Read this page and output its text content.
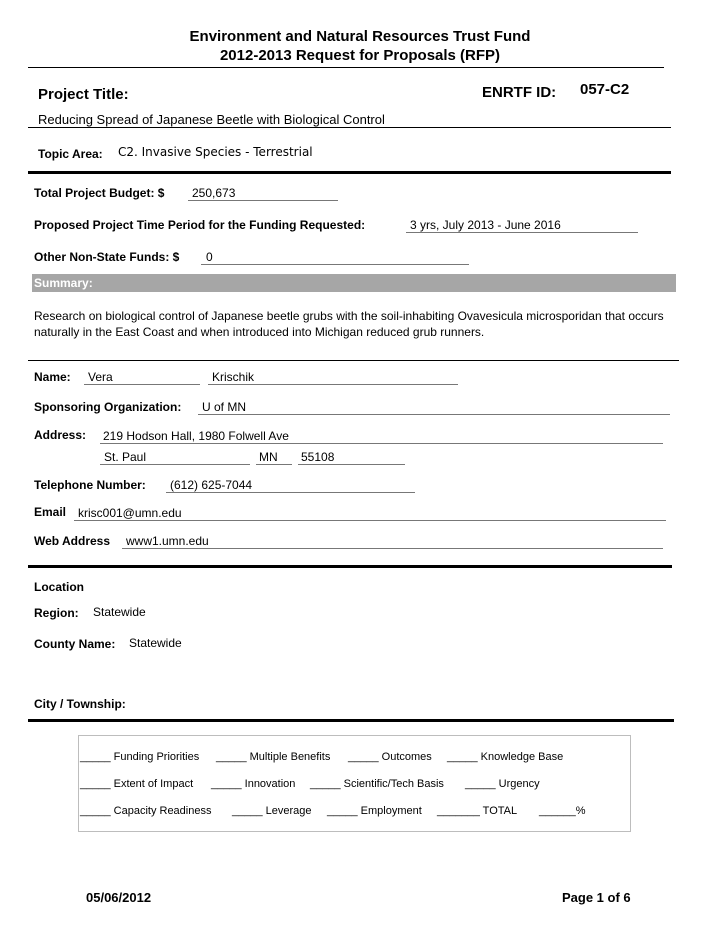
Environment and Natural Resources Trust Fund
2012-2013 Request for Proposals (RFP)
Project Title:	ENRTF ID: 057-C2
Reducing Spread of Japanese Beetle with Biological Control
Topic Area: C2. Invasive Species - Terrestrial
Total Project Budget: $	250,673
Proposed Project Time Period for the Funding Requested:	3 yrs, July 2013 - June 2016
Other Non-State Funds: $	0
Summary:
Research on biological control of Japanese beetle grubs with the soil-inhabiting Ovavesicula microsporidan that occurs naturally in the East Coast and when introduced into Michigan reduced grub runners.
Name:	Vera	Krischik
Sponsoring Organization:	U of MN
Address: 219 Hodson Hall, 1980 Folwell Ave
St. Paul	MN	55108
Telephone Number:	(612) 625-7044
Email krisc001@umn.edu
Web Address	www1.umn.edu
Location
Region: Statewide
County Name: Statewide
City / Township:
_____ Funding Priorities _____ Multiple Benefits _____ Outcomes _____ Knowledge Base
_____ Extent of Impact _____ Innovation _____ Scientific/Tech Basis _____ Urgency
_____ Capacity Readiness _____ Leverage _____ Employment _______ TOTAL ______%
05/06/2012	Page 1 of 6
